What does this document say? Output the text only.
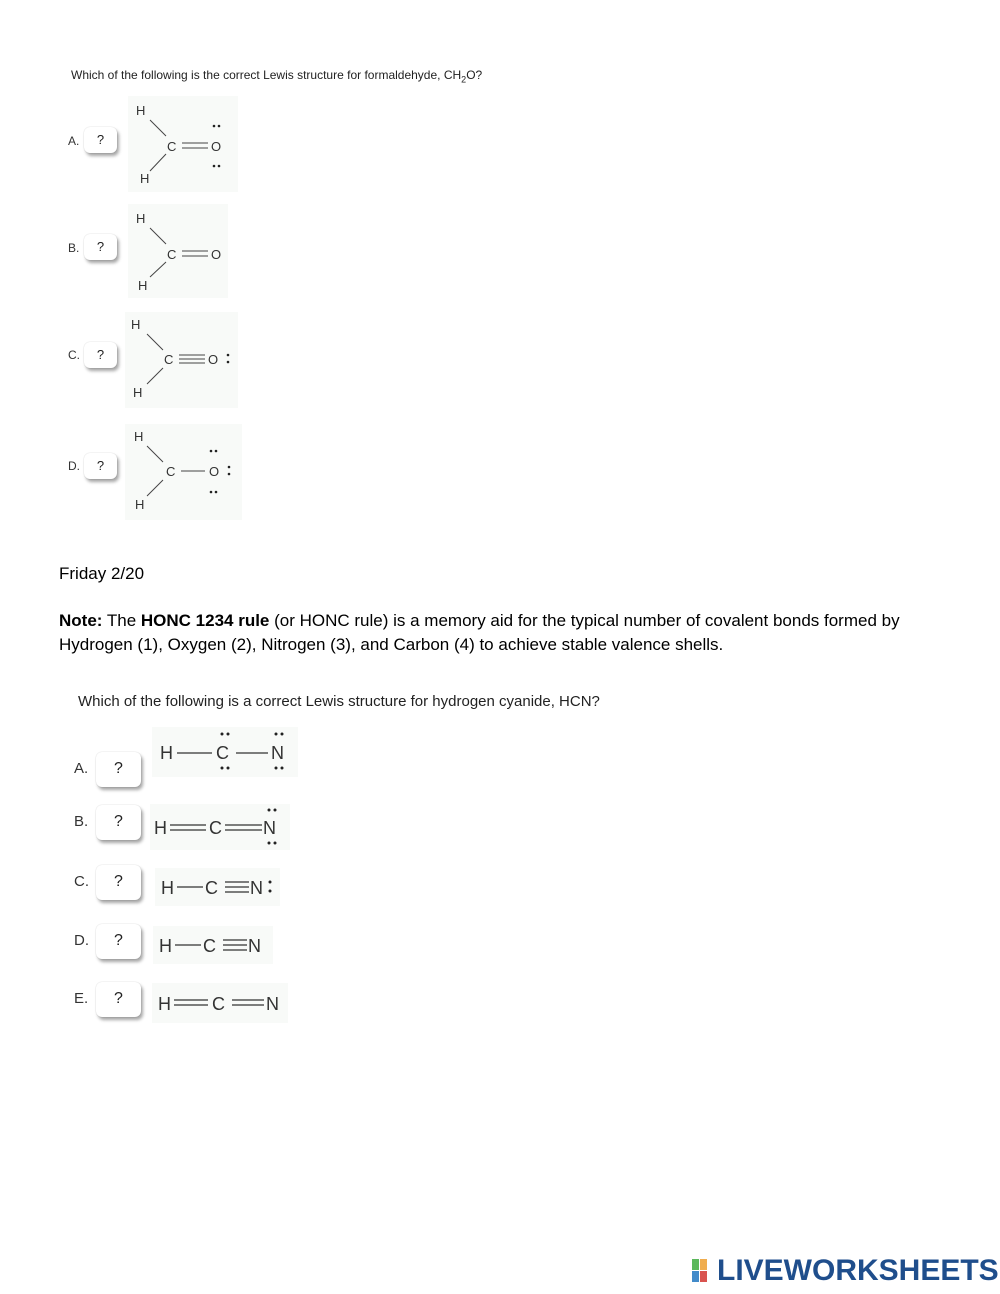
Which of the following is the correct Lewis structure for formaldehyde, $CH_2O$?
A.	?
H
C	O
H
B.	?
H
C	O
H
C.	?
H
C	O
H
D.	?
H
C	O
H
Friday 2/20
Note: The HONC 1234 rule (or HONC rule) is a memory aid for the typical number of covalent bonds formed by Hydrogen (1), Oxygen (2), Nitrogen (3), and Carbon (4) to achieve stable valence shells.
Which of the following is a correct Lewis structure for hydrogen cyanide, HCN?
A.	?
H C N
B.	?	H C N
C.	?	H C N
D.	?	H C N
E.	?	H C N
LIVEWORKSHEETS
